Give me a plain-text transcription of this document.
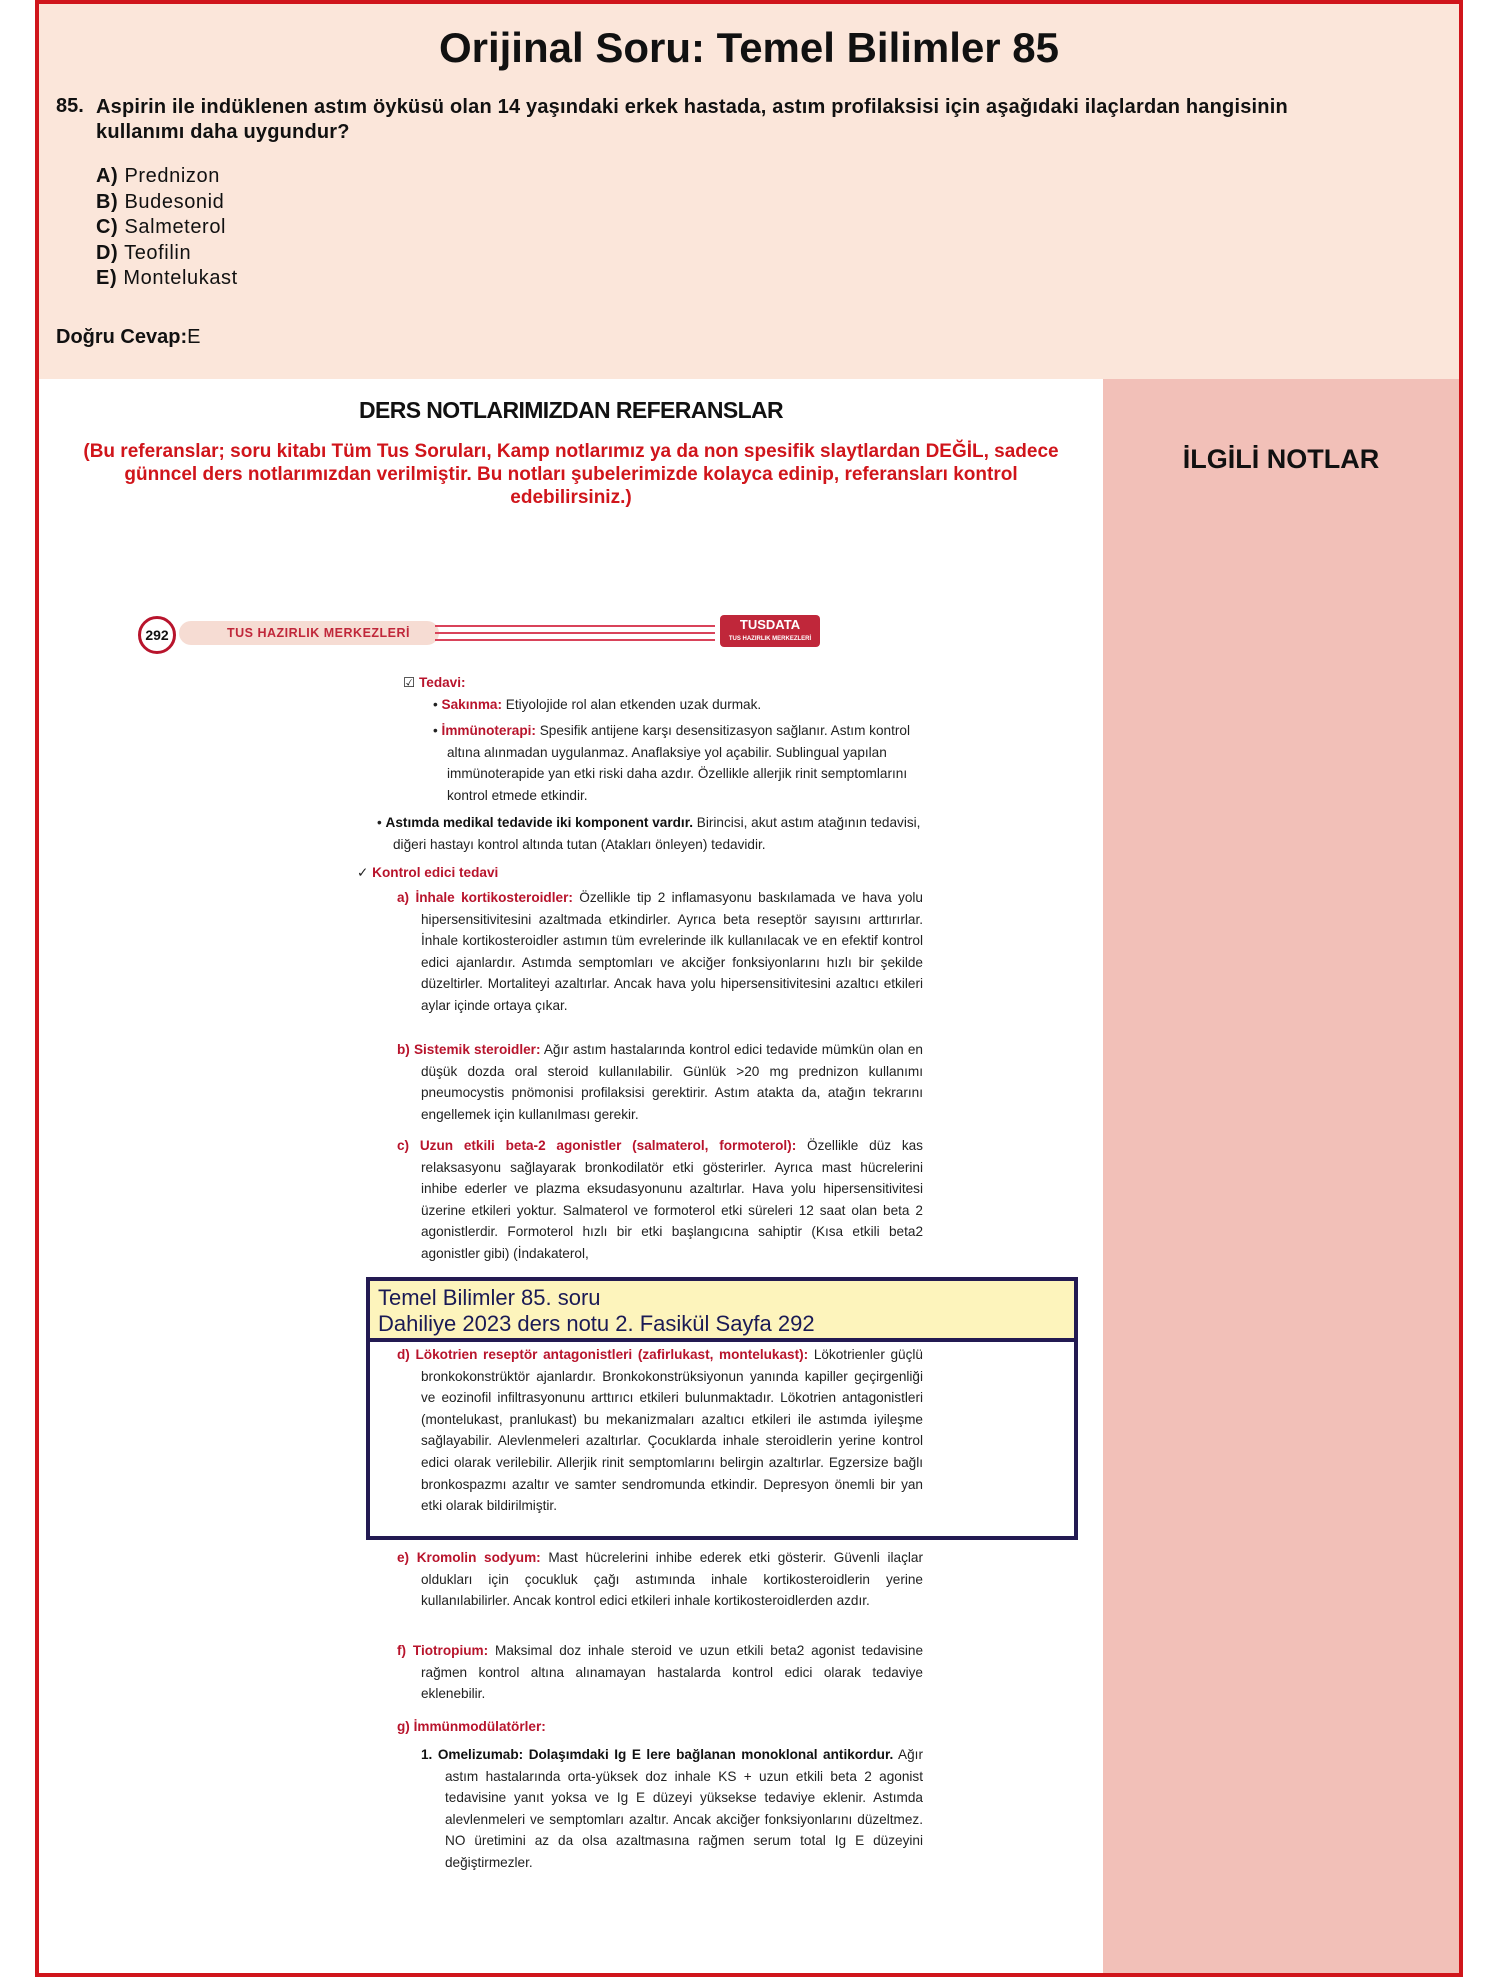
Orijinal Soru: Temel Bilimler 85
85. Aspirin ile indüklenen astım öyküsü olan 14 yaşındaki erkek hastada, astım profilaksisi için aşağıdaki ilaçlardan hangisinin kullanımı daha uygundur?
A) Prednizon
B) Budesonid
C) Salmeterol
D) Teofilin
E) Montelukast
Doğru Cevap:E
İLGİLİ NOTLAR
DERS NOTLARIMIZDAN REFERANSLAR
(Bu referanslar; soru kitabı Tüm Tus Soruları, Kamp notlarımız ya da non spesifik slaytlardan DEĞİL, sadece günncel ders notlarımızdan verilmiştir. Bu notları şubelerimizde kolayca edinip, referansları kontrol edebilirsiniz.)
292	TUS HAZIRLIK MERKEZLERİ
TUSDATA
TUS HAZIRLIK MERKEZLERİ

☑ Tedavi:

• Sakınma: Etiyolojide rol alan etkenden uzak durmak.

• İmmünoterapi: Spesifik antijene karşı desensitizasyon sağlanır. Astım kontrol altına alınmadan uygulanmaz. Anaflaksiye yol açabilir. Sublingual yapılan immünoterapide yan etki riski daha azdır. Özellikle allerjik rinit semptomlarını kontrol etmede etkindir.

• Astımda medikal tedavide iki komponent vardır. Birincisi, akut astım atağının tedavisi, diğeri hastayı kontrol altında tutan (Atakları önleyen) tedavidir.

✓ Kontrol edici tedavi

a) İnhale kortikosteroidler: Özellikle tip 2 inflamasyonu baskılamada ve hava yolu hipersensitivitesini azaltmada etkindirler. Ayrıca beta reseptör sayısını arttırırlar. İnhale kortikosteroidler astımın tüm evrelerinde ilk kullanılacak ve en efektif kontrol edici ajanlardır. Astımda semptomları ve akciğer fonksiyonlarını hızlı bir şekilde düzeltirler. Mortaliteyi azaltırlar. Ancak hava yolu hipersensitivitesini azaltıcı etkileri aylar içinde ortaya çıkar.

b) Sistemik steroidler: Ağır astım hastalarında kontrol edici tedavide mümkün olan en düşük dozda oral steroid kullanılabilir. Günlük >20 mg prednizon kullanımı pneumocystis pnömonisi profilaksisi gerektirir. Astım atakta da, atağın tekrarını engellemek için kullanılması gerekir.

c) Uzun etkili beta-2 agonistler (salmaterol, formoterol): Özellikle düz kas relaksasyonu sağlayarak bronkodilatör etki gösterirler. Ayrıca mast hücrelerini inhibe ederler ve plazma eksudasyonunu azaltırlar. Hava yolu hipersensitivitesi üzerine etkileri yoktur. Salmaterol ve formoterol etki süreleri 12 saat olan beta 2 agonistlerdir. Formoterol hızlı bir etki başlangıcına sahiptir (Kısa etkili beta2 agonistler gibi) (İndakaterol,

d) Lökotrien reseptör antagonistleri (zafirlukast, montelukast): Lökotrienler güçlü bronkokonstrüktör ajanlardır. Bronkokonstrüksiyonun yanında kapiller geçirgenliği ve eozinofil infiltrasyonunu arttırıcı etkileri bulunmaktadır. Lökotrien antagonistleri (montelukast, pranlukast) bu mekanizmaları azaltıcı etkileri ile astımda iyileşme sağlayabilir. Alevlenmeleri azaltırlar. Çocuklarda inhale steroidlerin yerine kontrol edici olarak verilebilir. Allerjik rinit semptomlarını belirgin azaltırlar. Egzersize bağlı bronkospazmı azaltır ve samter sendromunda etkindir. Depresyon önemli bir yan etki olarak bildirilmiştir.

e) Kromolin sodyum: Mast hücrelerini inhibe ederek etki gösterir. Güvenli ilaçlar oldukları için çocukluk çağı astımında inhale kortikosteroidlerin yerine kullanılabilirler. Ancak kontrol edici etkileri inhale kortikosteroidlerden azdır.

f) Tiotropium: Maksimal doz inhale steroid ve uzun etkili beta2 agonist tedavisine rağmen kontrol altına alınamayan hastalarda kontrol edici olarak tedaviye eklenebilir.

g) İmmünmodülatörler:

1. Omelizumab: Dolaşımdaki Ig E lere bağlanan monoklonal antikordur. Ağır astım hastalarında orta-yüksek doz inhale KS + uzun etkili beta 2 agonist tedavisine yanıt yoksa ve Ig E düzeyi yüksekse tedaviye eklenir. Astımda alevlenmeleri ve semptomları azaltır. Ancak akciğer fonksiyonlarını düzeltmez. NO üretimini az da olsa azaltmasına rağmen serum total Ig E düzeyini değiştirmezler.

Temel Bilimler 85. soru
Dahiliye 2023 ders notu 2. Fasikül Sayfa 292
